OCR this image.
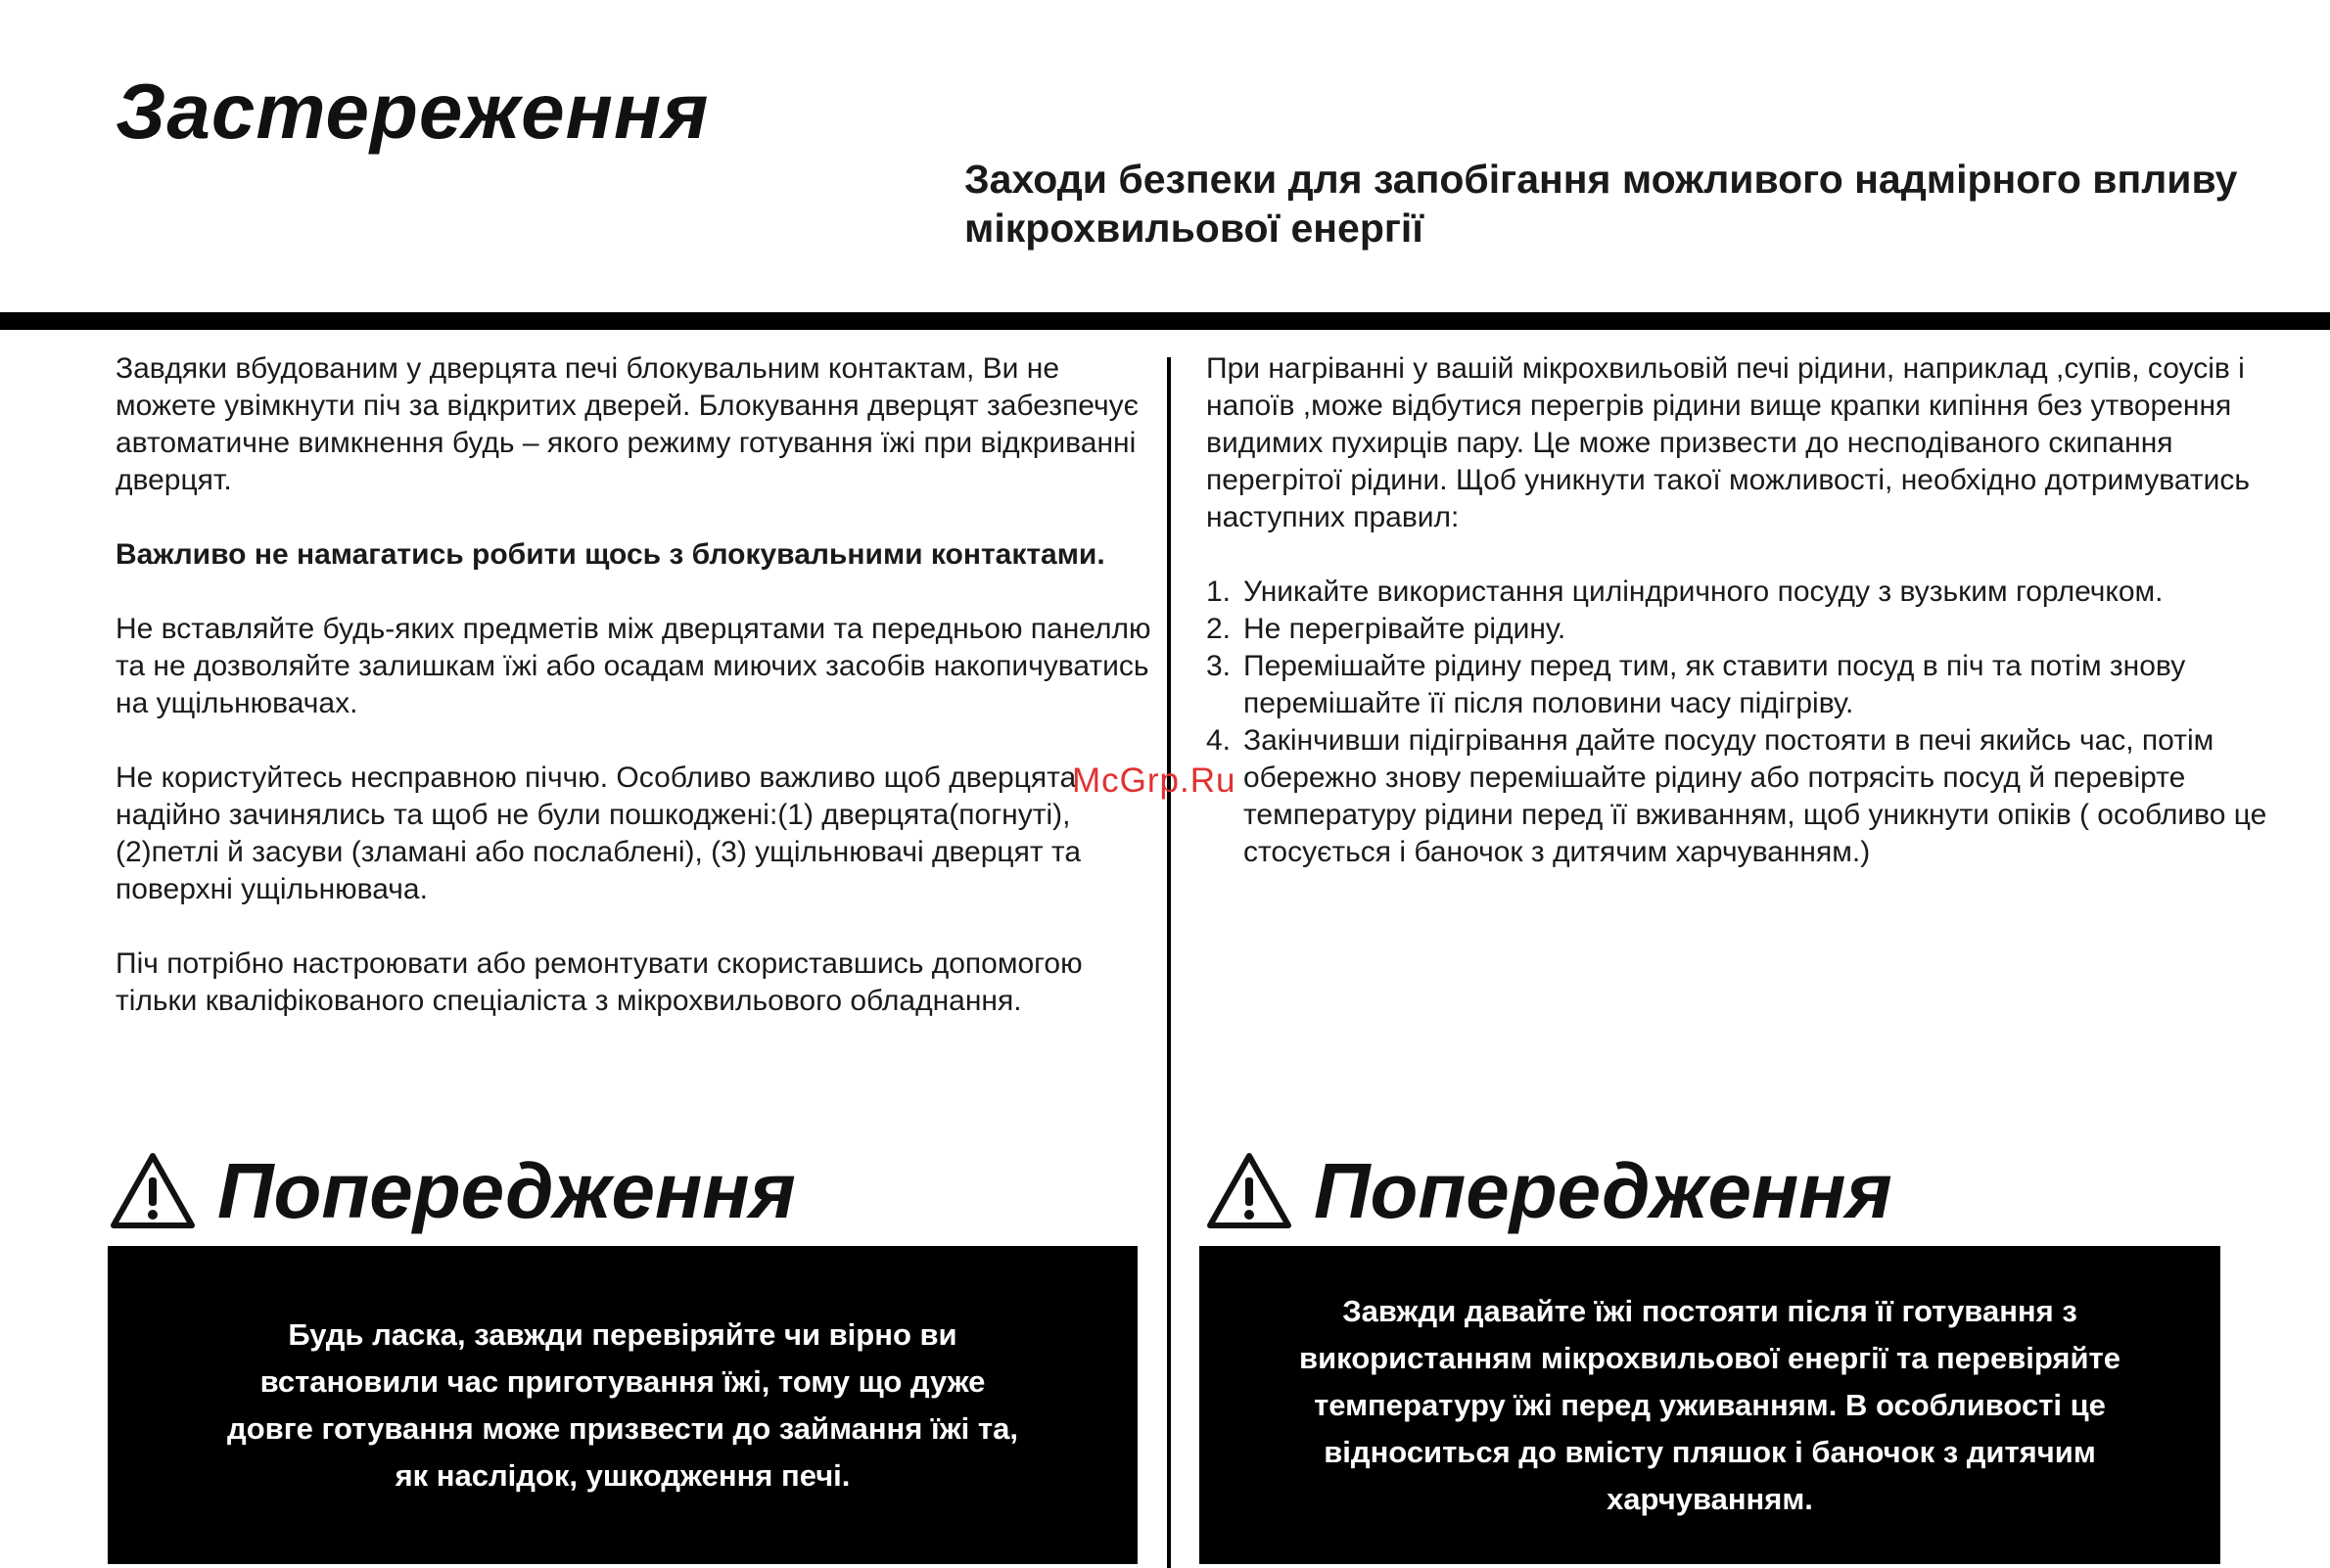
Застереження
Заходи безпеки для запобігання можливого надмірного впливу мікрохвильової енергії

Завдяки вбудованим у дверцята печі блокувальним контактам, Ви не можете увімкнути піч за відкритих дверей. Блокування дверцят забезпечує автоматичне вимкнення будь – якого режиму готування їжі при відкриванні дверцят.

Важливо не намагатись робити щось з блокувальними контактами.

Не вставляйте будь-яких предметів між дверцятами та передньою панеллю та не дозволяйте залишкам їжі або осадам миючих засобів накопичуватись на ущільнювачах.

Не користуйтесь несправною піччю. Особливо важливо щоб дверцята надійно зачинялись та щоб не були пошкоджені:(1) дверцята(погнуті), (2)петлі й засуви (зламані або послаблені), (3) ущільнювачі дверцят та поверхні ущільнювача.

Піч потрібно настроювати або ремонтувати скориставшись допомогою тільки кваліфікованого спеціаліста з мікрохвильового обладнання.

При нагріванні у вашій мікрохвильовій печі рідини, наприклад ,супів, соусів і напоїв ,може відбутися перегрів рідини вище крапки кипіння без утворення видимих пухирців пару. Це може призвести до несподіваного скипання перегрітої рідини. Щоб уникнути такої можливості, необхідно дотримуватись наступних правил:

1. Уникайте використання циліндричного посуду з вузьким горлечком.
2. Не перегрівайте рідину.
3. Перемішайте рідину перед тим, як ставити посуд в піч та потім знову перемішайте її після половини часу підігріву.
4. Закінчивши підігрівання дайте посуду постояти в печі якийсь час, потім обережно знову перемішайте рідину або потрясіть посуд й перевірте температуру рідини перед її вживанням, щоб уникнути опіків ( особливо це стосується і баночок з дитячим харчуванням.)
McGrp.Ru
Попередження	Попередження

Будь ласка, завжди перевіряйте чи вірно ви встановили час приготування їжі, тому що дуже довге готування може призвести до займання їжі та, як наслідок, ушкодження печі.

Завжди давайте їжі постояти після її готування з використанням мікрохвильової енергії та перевіряйте температуру їжі перед уживанням. В особливості це відноситься до вмісту пляшок і баночок з дитячим харчуванням.
